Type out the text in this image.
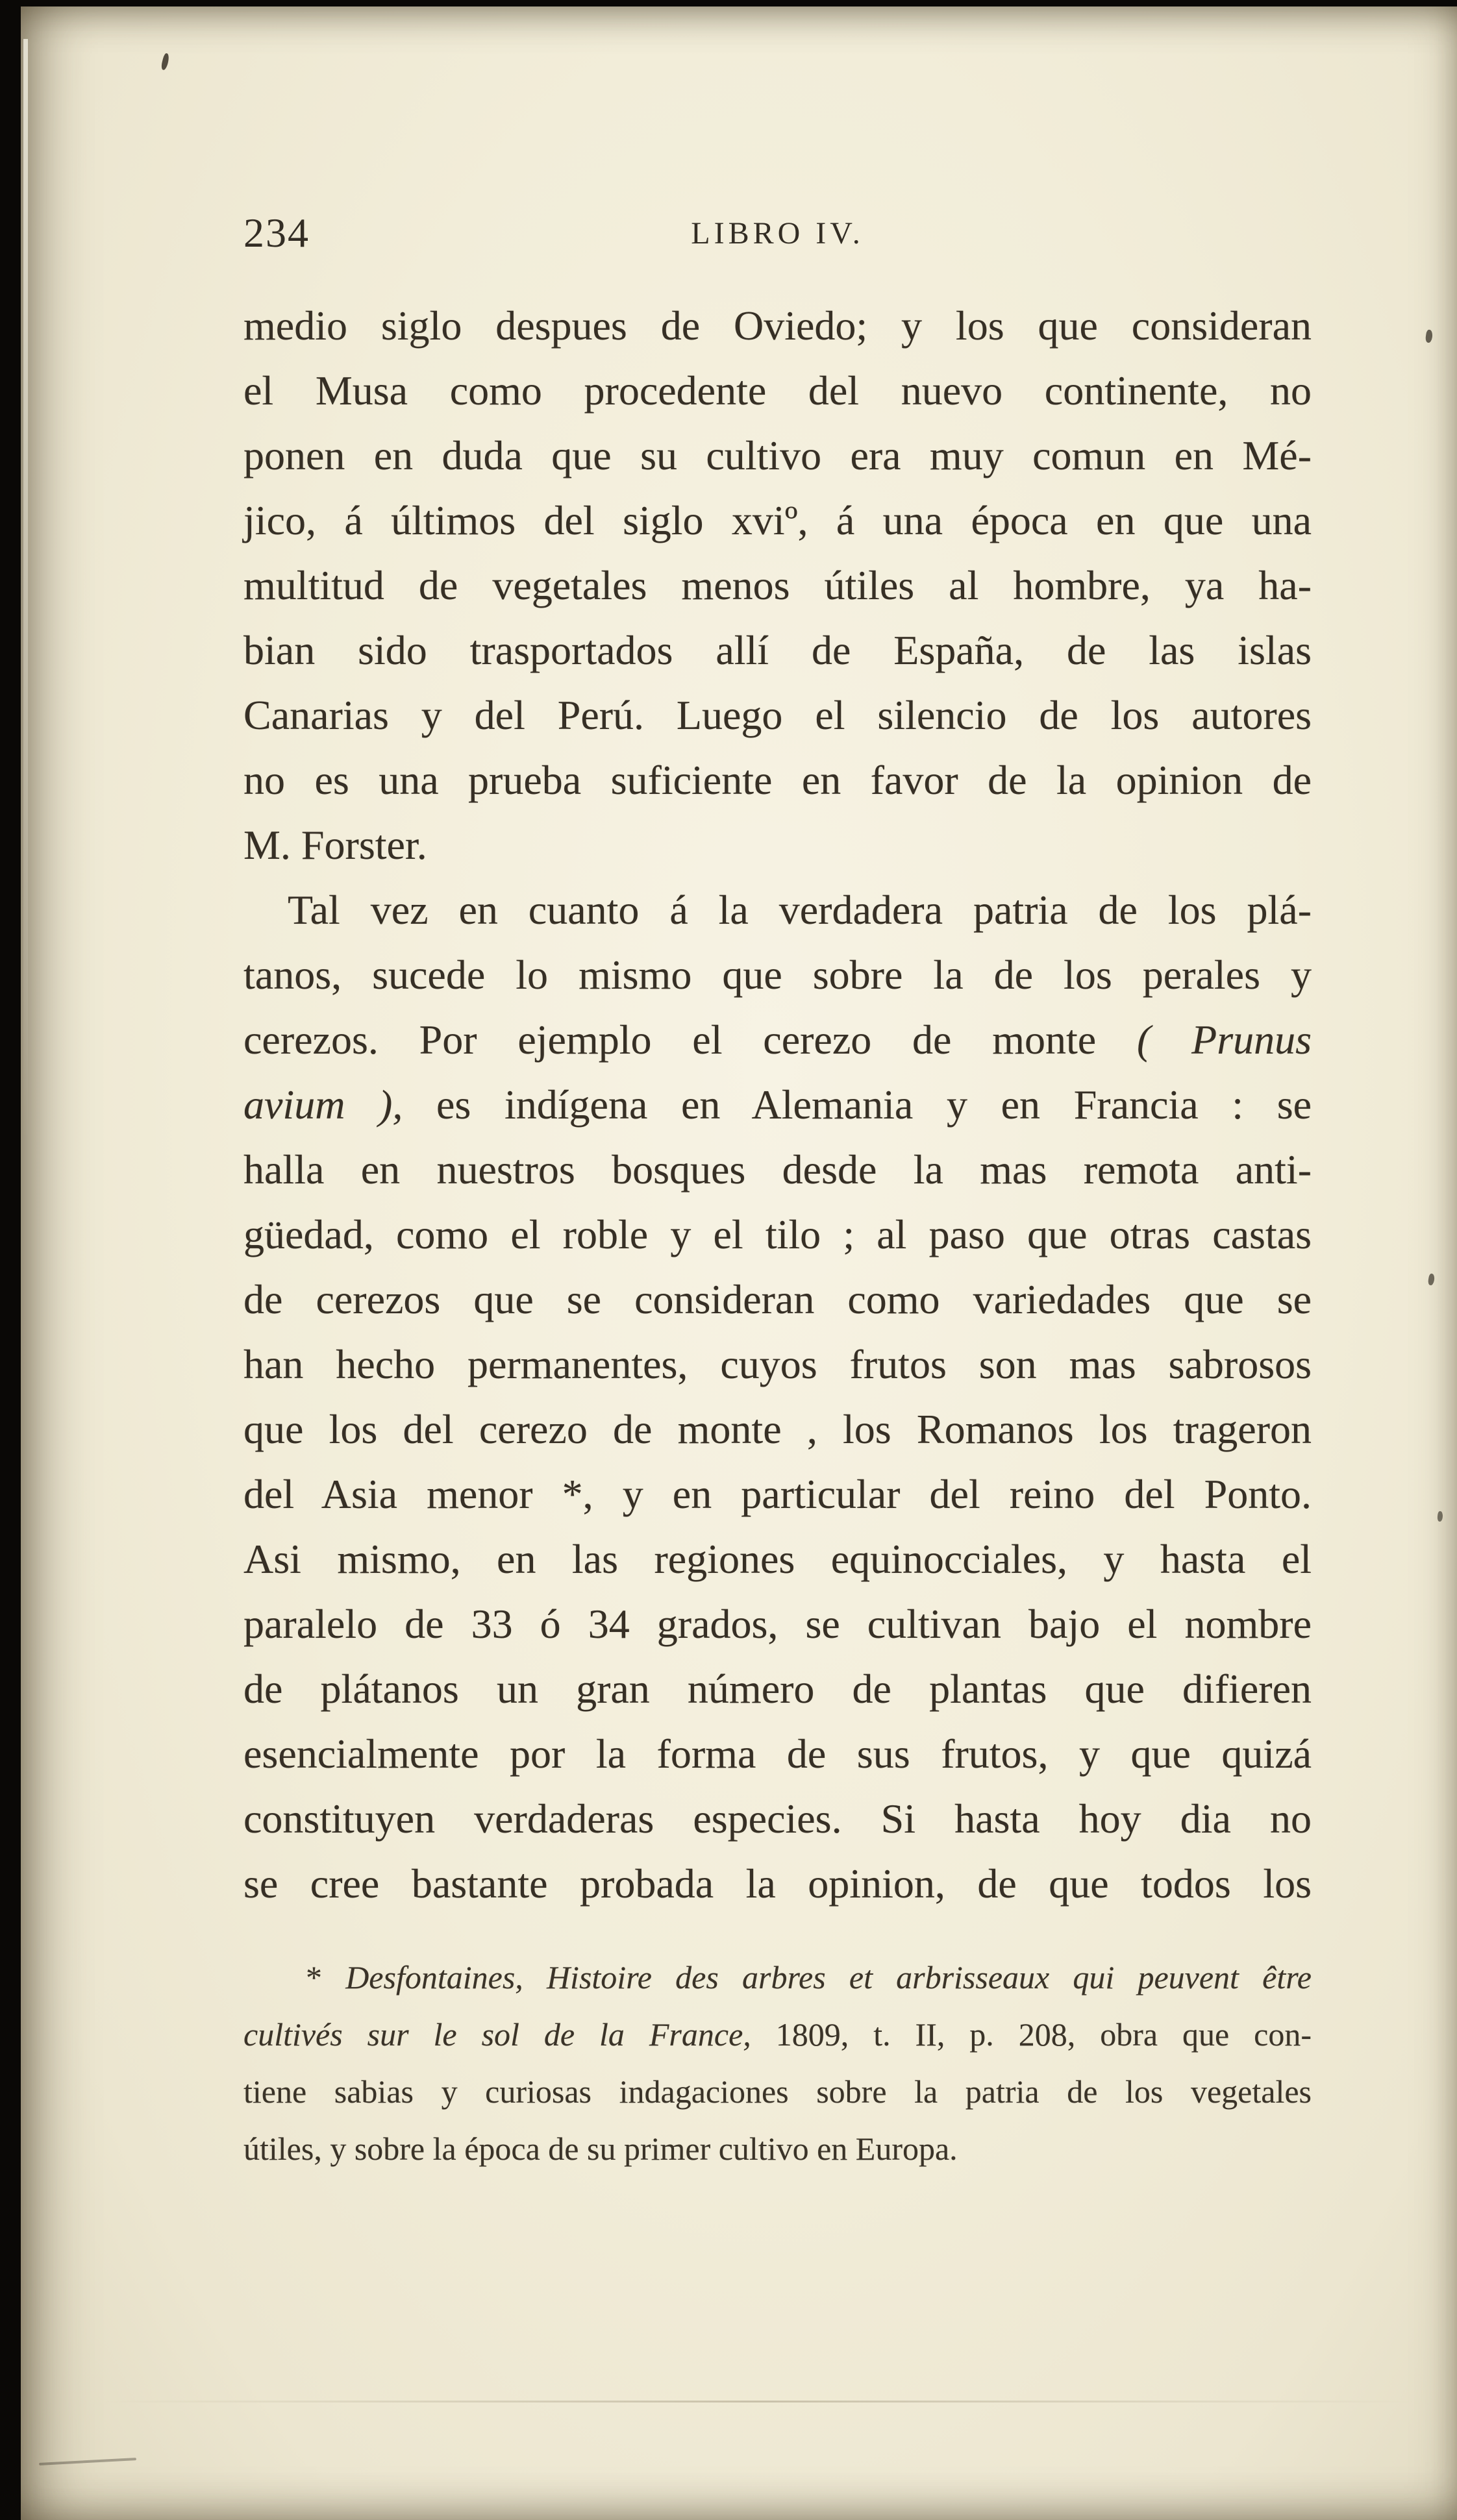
234	LIBRO IV.
medio siglo despues de Oviedo; y los que consideran
el Musa como procedente del nuevo continente, no
ponen en duda que su cultivo era muy comun en Mé-
jico, á últimos del siglo xviº, á una época en que una
multitud de vegetales menos útiles al hombre, ya ha-
bian sido trasportados allí de España, de las islas
Canarias y del Perú. Luego el silencio de los autores
no es una prueba suficiente en favor de la opinion de
M. Forster.
Tal vez en cuanto á la verdadera patria de los plá-
tanos, sucede lo mismo que sobre la de los perales y
cerezos. Por ejemplo el cerezo de monte ( Prunus
avium ), es indígena en Alemania y en Francia : se
halla en nuestros bosques desde la mas remota anti-
güedad, como el roble y el tilo ; al paso que otras castas
de cerezos que se consideran como variedades que se
han hecho permanentes, cuyos frutos son mas sabrosos
que los del cerezo de monte , los Romanos los trageron
del Asia menor *, y en particular del reino del Ponto.
Asi mismo, en las regiones equinocciales, y hasta el
paralelo de 33 ó 34 grados, se cultivan bajo el nombre
de plátanos un gran número de plantas que difieren
esencialmente por la forma de sus frutos, y que quizá
constituyen verdaderas especies. Si hasta hoy dia no
se cree bastante probada la opinion, de que todos los
* Desfontaines, Histoire des arbres et arbrisseaux qui peuvent être
cultivés sur le sol de la France, 1809, t. II, p. 208, obra que con-
tiene sabias y curiosas indagaciones sobre la patria de los vegetales
útiles, y sobre la época de su primer cultivo en Europa.
